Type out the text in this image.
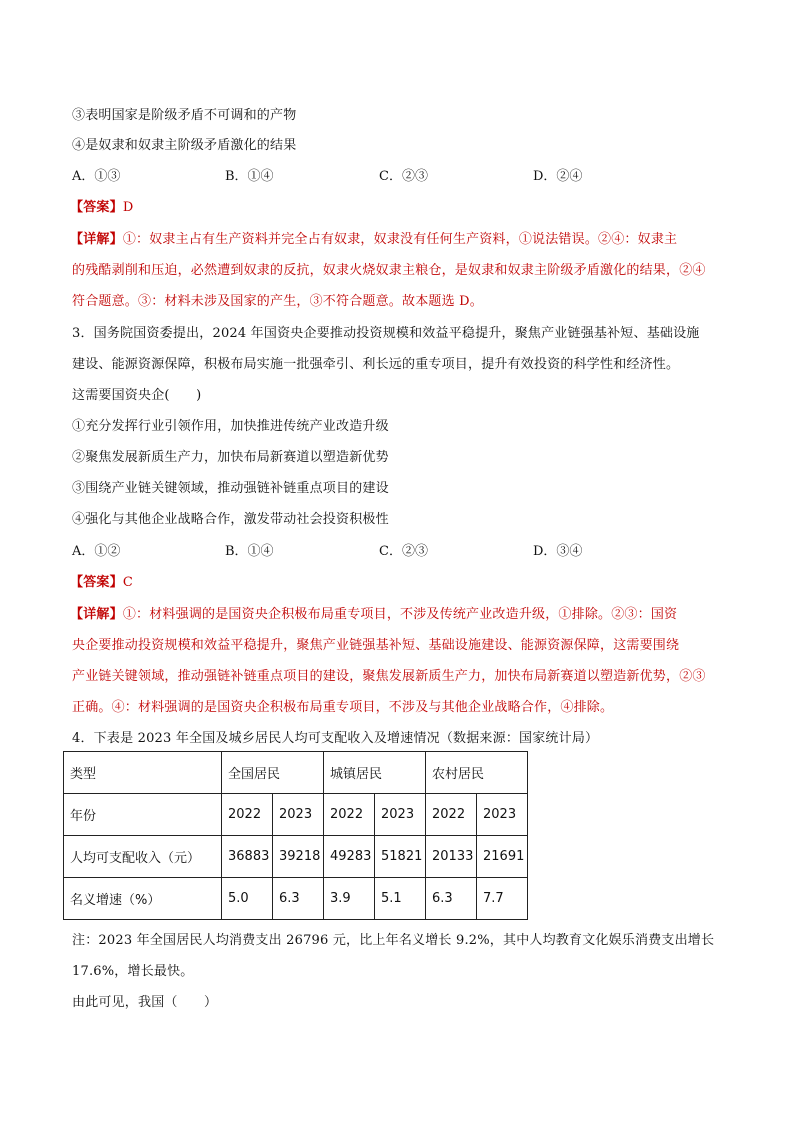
③表明国家是阶级矛盾不可调和的产物
④是奴隶和奴隶主阶级矛盾激化的结果
A．①③	B．①④	C．②③	D．②④
【答案】D
【详解】①：奴隶主占有生产资料并完全占有奴隶，奴隶没有任何生产资料，①说法错误。②④：奴隶主
的残酷剥削和压迫，必然遭到奴隶的反抗，奴隶火烧奴隶主粮仓，是奴隶和奴隶主阶级矛盾激化的结果，②④
符合题意。③：材料未涉及国家的产生，③不符合题意。故本题选 D。
3．国务院国资委提出，2024 年国资央企要推动投资规模和效益平稳提升，聚焦产业链强基补短、基础设施
建设、能源资源保障，积极布局实施一批强牵引、利长远的重专项目，提升有效投资的科学性和经济性。
这需要国资央企(　　)
①充分发挥行业引领作用，加快推进传统产业改造升级
②聚焦发展新质生产力，加快布局新赛道以塑造新优势
③围绕产业链关键领域，推动强链补链重点项目的建设
④强化与其他企业战略合作，激发带动社会投资积极性
A．①②	B．①④	C．②③	D．③④
【答案】C
【详解】①：材料强调的是国资央企积极布局重专项目，不涉及传统产业改造升级，①排除。②③：国资
央企要推动投资规模和效益平稳提升，聚焦产业链强基补短、基础设施建设、能源资源保障，这需要围绕
产业链关键领域，推动强链补链重点项目的建设，聚焦发展新质生产力，加快布局新赛道以塑造新优势，②③
正确。④：材料强调的是国资央企积极布局重专项目，不涉及与其他企业战略合作，④排除。
4．下表是 2023 年全国及城乡居民人均可支配收入及增速情况（数据来源：国家统计局）
类型	全国居民		城镇居民		农村居民	
年份	2022	2023	2022	2023	2022	2023
人均可支配收入（元）	36883	39218	49283	51821	20133	21691
名义增速（%）	5.0	6.3	3.9	5.1	6.3	7.7
注：2023 年全国居民人均消费支出 26796 元，比上年名义增长 9.2%，其中人均教育文化娱乐消费支出增长
17.6%，增长最快。
由此可见，我国（　　）
